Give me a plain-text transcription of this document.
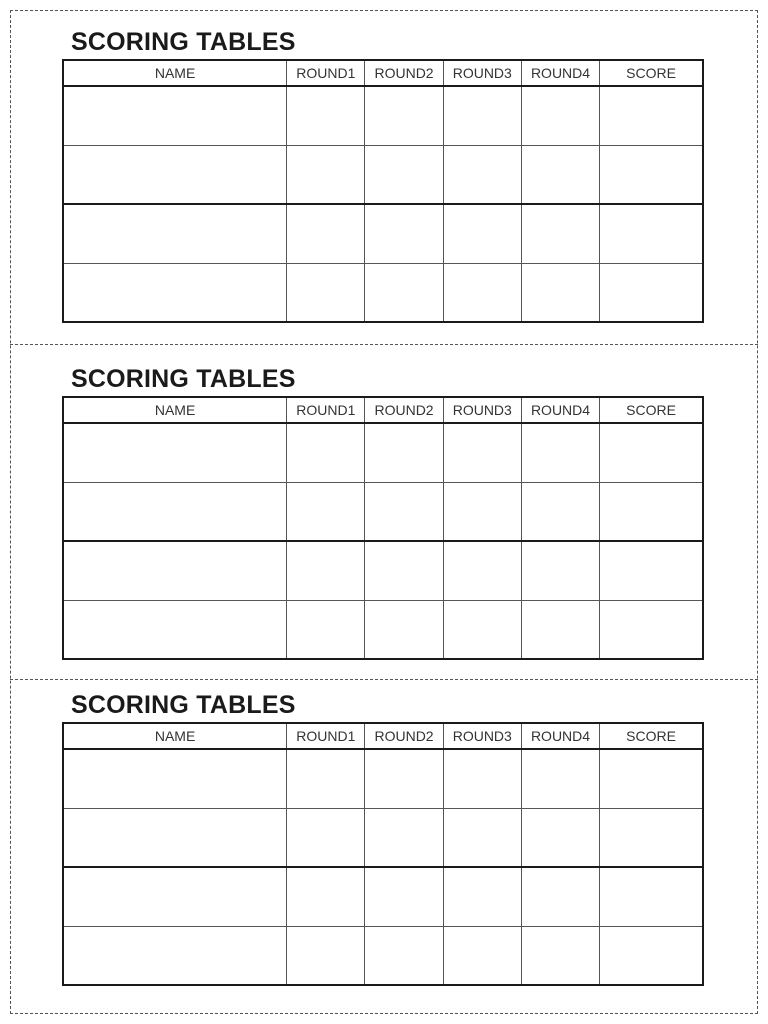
SCORING TABLES
NAME	ROUND1	ROUND2	ROUND3	ROUND4	SCORE

SCORING TABLES
NAME	ROUND1	ROUND2	ROUND3	ROUND4	SCORE

SCORING TABLES
NAME	ROUND1	ROUND2	ROUND3	ROUND4	SCORE
